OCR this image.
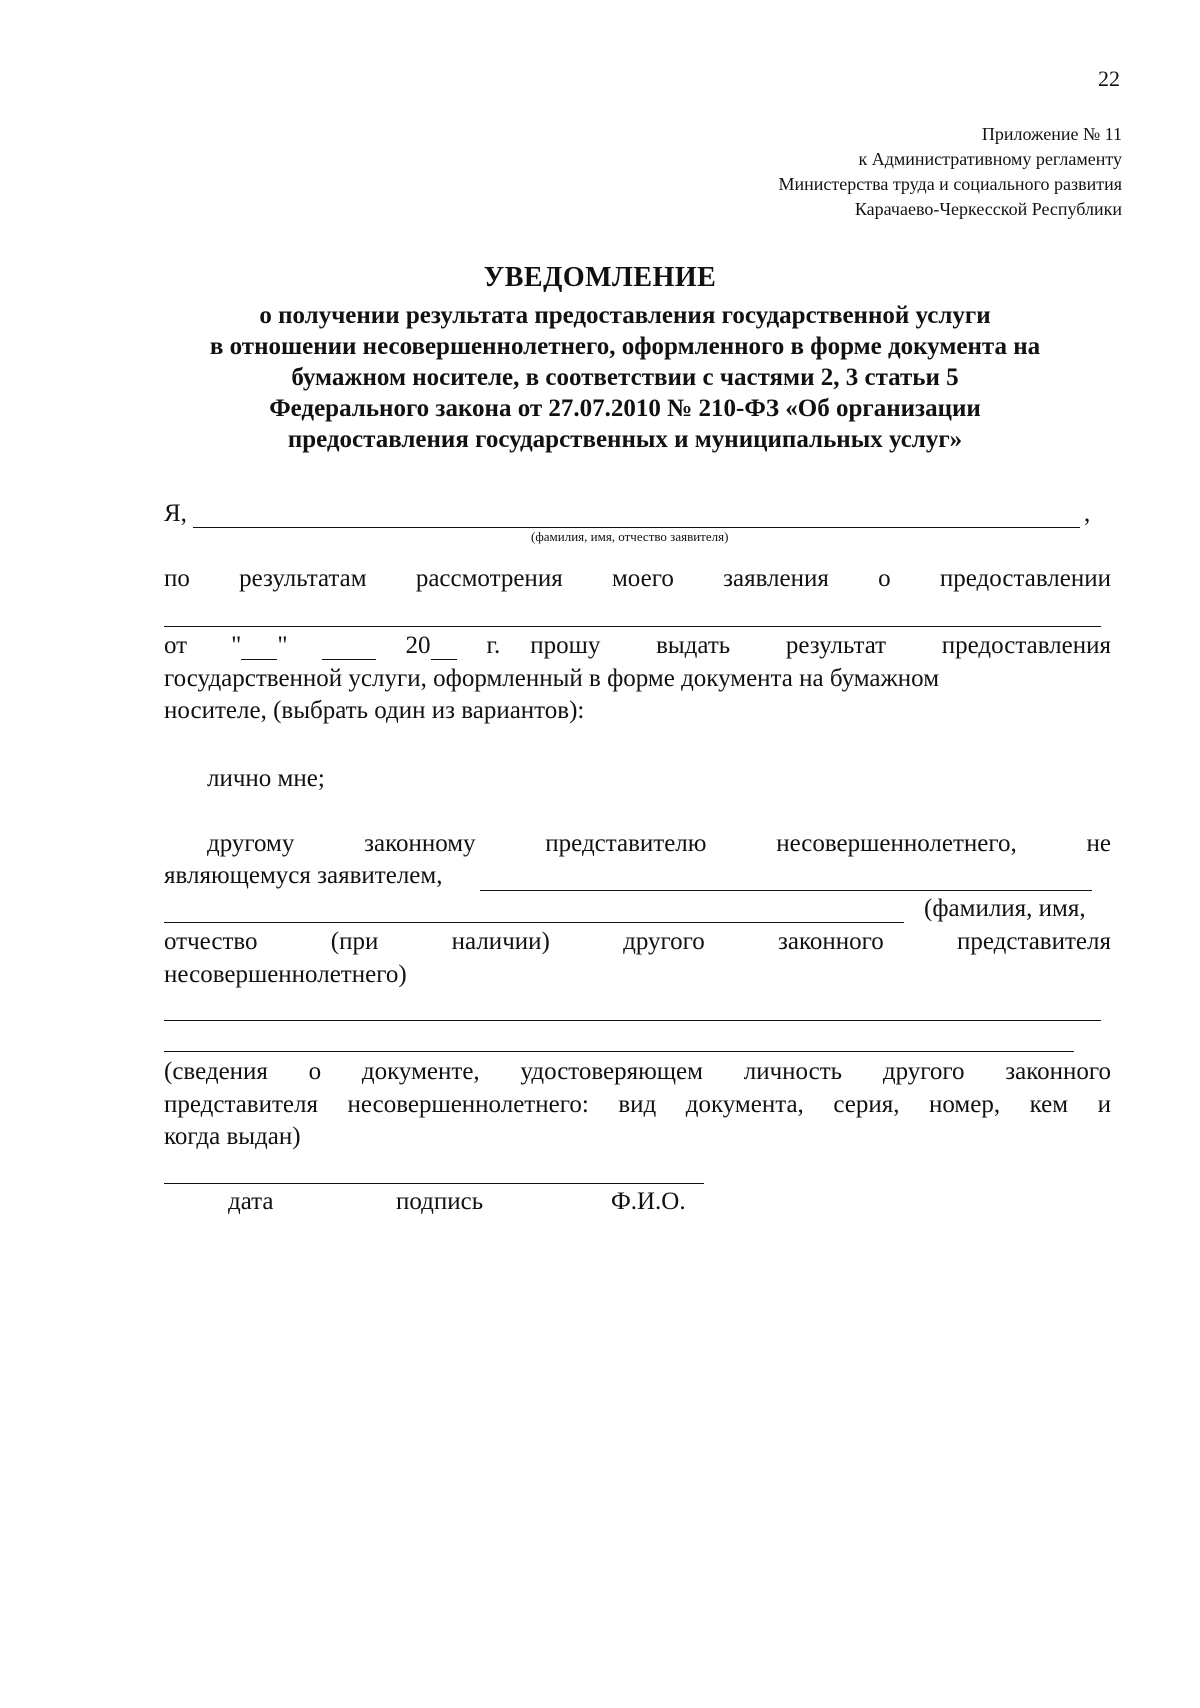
22
Приложение № 11
к Административному регламенту
Министерства труда и социального развития
Карачаево-Черкесской Республики
УВЕДОМЛЕНИЕ
о получении результата предоставления государственной услуги
в отношении несовершеннолетнего, оформленного в форме документа на
бумажном носителе, в соответствии с частями 2, 3 статьи 5
Федерального закона от 27.07.2010 № 210-ФЗ «Об организации
предоставления государственных и муниципальных услуг»
Я,	,
(фамилия, имя, отчество заявителя)
по результатам рассмотрения моего заявления о предоставлении
от " "	20 г. прошу выдать результат предоставления
государственной услуги, оформленный в форме документа на бумажном
носителе, (выбрать один из вариантов):
лично мне;
другому	законному	представителю	несовершеннолетнего,	не
являющемуся заявителем,
(фамилия, имя,
отчество	(при	наличии)	другого	законного	представителя
несовершеннолетнего)
(сведения о документе, удостоверяющем личность другого законного
представителя несовершеннолетнего: вид документа, серия, номер, кем и
когда выдан)
дата	подпись	Ф.И.О.
